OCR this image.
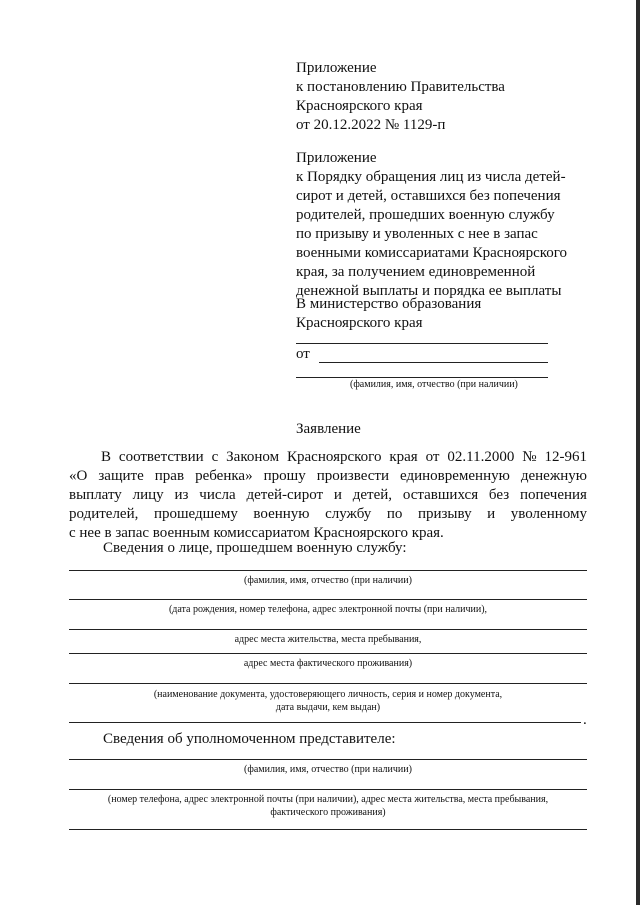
Приложение
к постановлению Правительства
Красноярского края
от 20.12.2022 № 1129-п
Приложение
к Порядку обращения лиц из числа детей-
сирот и детей, оставшихся без попечения
родителей, прошедших военную службу
по призыву и уволенных с нее в запас
военными комиссариатами Красноярского
края, за получением единовременной
денежной выплаты и порядка ее выплаты
В министерство образования
Красноярского края
от
(фамилия, имя, отчество (при наличии)
Заявление
В соответствии с Законом Красноярского края от 02.11.2000 № 12-961
«О защите прав ребенка» прошу произвести единовременную денежную
выплату лицу из числа детей-сирот и детей, оставшихся без попечения
родителей, прошедшему военную службу по призыву и уволенному
с нее в запас военным комиссариатом Красноярского края.
Сведения о лице, прошедшем военную службу:
(фамилия, имя, отчество (при наличии)
(дата рождения, номер телефона, адрес электронной почты (при наличии),
адрес места жительства, места пребывания,
адрес места фактического проживания)
(наименование документа, удостоверяющего личность, серия и номер документа,
дата выдачи, кем выдан)
.
Сведения об уполномоченном представителе:
(фамилия, имя, отчество (при наличии)
(номер телефона, адрес электронной почты (при наличии), адрес места жительства, места пребывания,
фактического проживания)
